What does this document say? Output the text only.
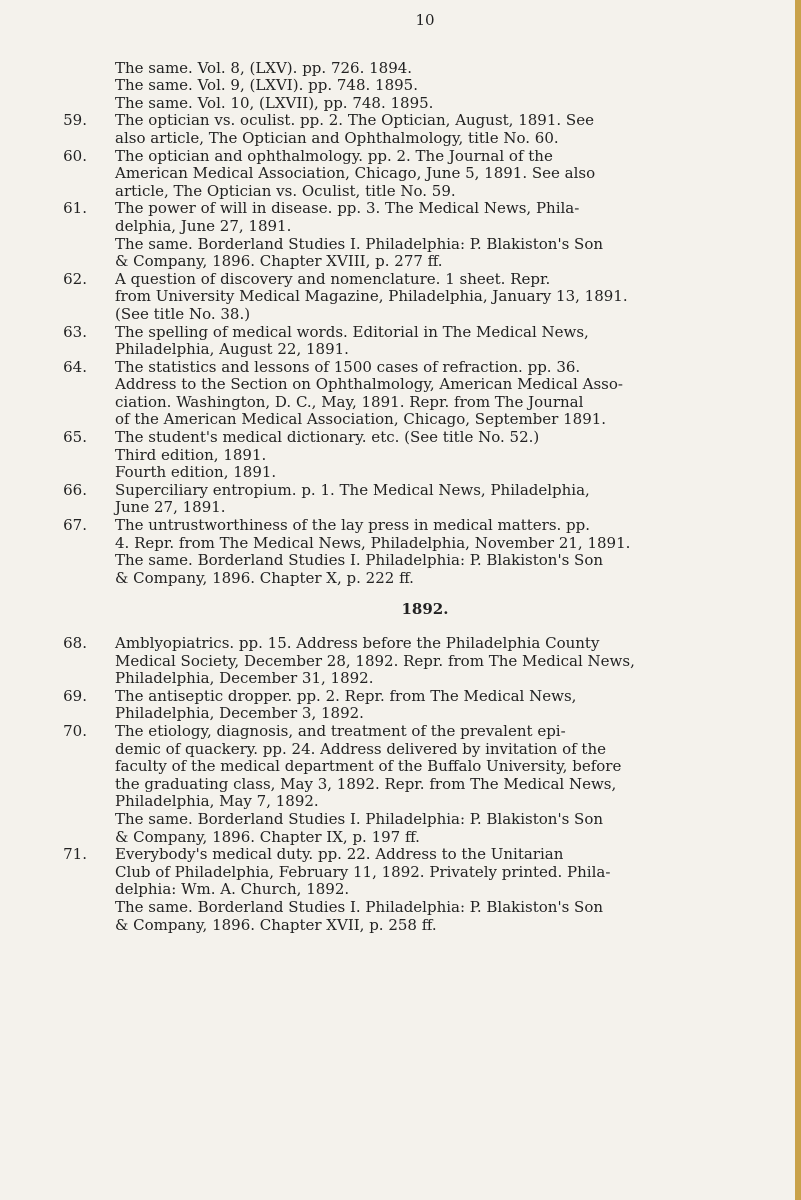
10
The same. Vol. 8, (LXV). pp. 726. 1894.
The same. Vol. 9, (LXVI). pp. 748. 1895.
The same. Vol. 10, (LXVII), pp. 748. 1895.
59. The optician vs. oculist. pp. 2. The Optician, August, 1891. See
also article, The Optician and Ophthalmology, title No. 60.
60. The optician and ophthalmology. pp. 2. The Journal of the
American Medical Association, Chicago, June 5, 1891. See also
article, The Optician vs. Oculist, title No. 59.
61. The power of will in disease. pp. 3. The Medical News, Phila-
delphia, June 27, 1891.
The same. Borderland Studies I. Philadelphia: P. Blakiston's Son
& Company, 1896. Chapter XVIII, p. 277 ff.
62. A question of discovery and nomenclature. 1 sheet. Repr.
from University Medical Magazine, Philadelphia, January 13, 1891.
(See title No. 38.)
63. The spelling of medical words. Editorial in The Medical News,
Philadelphia, August 22, 1891.
64. The statistics and lessons of 1500 cases of refraction. pp. 36.
Address to the Section on Ophthalmology, American Medical Asso-
ciation. Washington, D. C., May, 1891. Repr. from The Journal
of the American Medical Association, Chicago, September 1891.
65. The student's medical dictionary. etc. (See title No. 52.)
Third edition, 1891.
Fourth edition, 1891.
66. Superciliary entropium. p. 1. The Medical News, Philadelphia,
June 27, 1891.
67. The untrustworthiness of the lay press in medical matters. pp.
4. Repr. from The Medical News, Philadelphia, November 21, 1891.
The same. Borderland Studies I. Philadelphia: P. Blakiston's Son
& Company, 1896. Chapter X, p. 222 ff.
1892.
68. Amblyopiatrics. pp. 15. Address before the Philadelphia County
Medical Society, December 28, 1892. Repr. from The Medical News,
Philadelphia, December 31, 1892.
69. The antiseptic dropper. pp. 2. Repr. from The Medical News,
Philadelphia, December 3, 1892.
70. The etiology, diagnosis, and treatment of the prevalent epi-
demic of quackery. pp. 24. Address delivered by invitation of the
faculty of the medical department of the Buffalo University, before
the graduating class, May 3, 1892. Repr. from The Medical News,
Philadelphia, May 7, 1892.
The same. Borderland Studies I. Philadelphia: P. Blakiston's Son
& Company, 1896. Chapter IX, p. 197 ff.
71. Everybody's medical duty. pp. 22. Address to the Unitarian
Club of Philadelphia, February 11, 1892. Privately printed. Phila-
delphia: Wm. A. Church, 1892.
The same. Borderland Studies I. Philadelphia: P. Blakiston's Son
& Company, 1896. Chapter XVII, p. 258 ff.
